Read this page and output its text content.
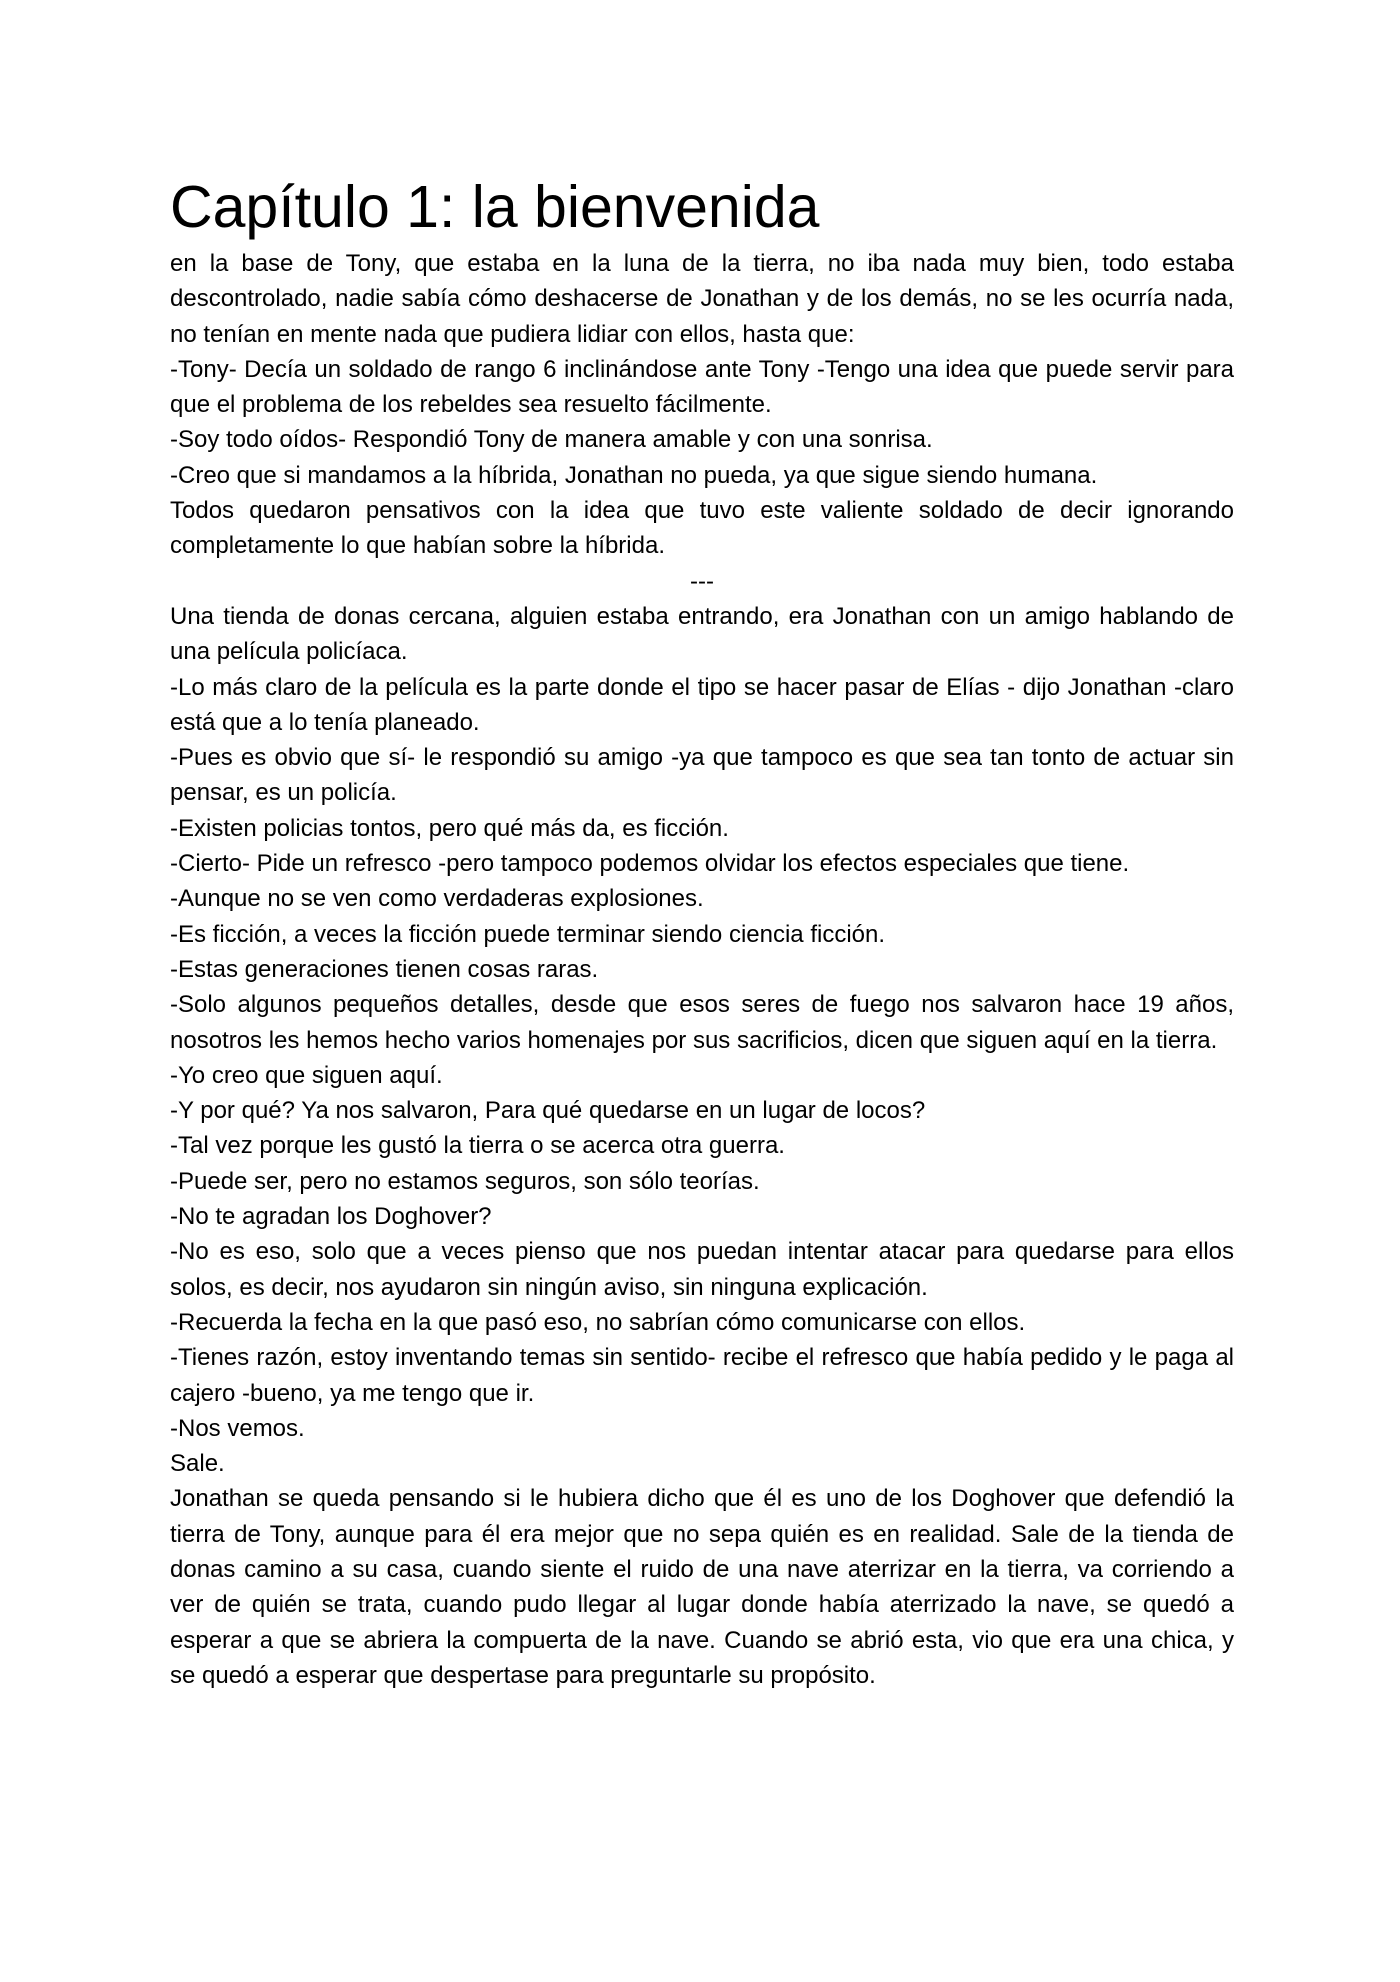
Capítulo 1: la bienvenida

en la base de Tony, que estaba en la luna de la tierra, no iba nada muy bien, todo estaba descontrolado, nadie sabía cómo deshacerse de Jonathan y de los demás, no se les ocurría nada, no tenían en mente nada que pudiera lidiar con ellos, hasta que:

-Tony- Decía un soldado de rango 6 inclinándose ante Tony -Tengo una idea que puede servir para que el problema de los rebeldes sea resuelto fácilmente.

-Soy todo oídos- Respondió Tony de manera amable y con una sonrisa.

-Creo que si mandamos a la híbrida, Jonathan no pueda, ya que sigue siendo humana.

Todos quedaron pensativos con la idea que tuvo este valiente soldado de decir ignorando completamente lo que habían sobre la híbrida.

---

Una tienda de donas cercana, alguien estaba entrando, era Jonathan con un amigo hablando de una película policíaca.

-Lo más claro de la película es la parte donde el tipo se hacer pasar de Elías - dijo Jonathan -claro está que a lo tenía planeado.

-Pues es obvio que sí- le respondió su amigo -ya que tampoco es que sea tan tonto de actuar sin pensar, es un policía.

-Existen policias tontos, pero qué más da, es ficción.

-Cierto- Pide un refresco -pero tampoco podemos olvidar los efectos especiales que tiene.

-Aunque no se ven como verdaderas explosiones.

-Es ficción, a veces la ficción puede terminar siendo ciencia ficción.

-Estas generaciones tienen cosas raras.

-Solo algunos pequeños detalles, desde que esos seres de fuego nos salvaron hace 19 años, nosotros les hemos hecho varios homenajes por sus sacrificios, dicen que siguen aquí en la tierra.

-Yo creo que siguen aquí.

-Y por qué? Ya nos salvaron, Para qué quedarse en un lugar de locos?

-Tal vez porque les gustó la tierra o se acerca otra guerra.

-Puede ser, pero no estamos seguros, son sólo teorías.

-No te agradan los Doghover?

-No es eso, solo que a veces pienso que nos puedan intentar atacar para quedarse para ellos solos, es decir, nos ayudaron sin ningún aviso, sin ninguna explicación.

-Recuerda la fecha en la que pasó eso, no sabrían cómo comunicarse con ellos.

-Tienes razón, estoy inventando temas sin sentido- recibe el refresco que había pedido y le paga al cajero -bueno, ya me tengo que ir.

-Nos vemos.

Sale.

Jonathan se queda pensando si le hubiera dicho que él es uno de los Doghover que defendió la tierra de Tony, aunque para él era mejor que no sepa quién es en realidad. Sale de la tienda de donas camino a su casa, cuando siente el ruido de una nave aterrizar en la tierra, va corriendo a ver de quién se trata, cuando pudo llegar al lugar donde había aterrizado la nave, se quedó a esperar a que se abriera la compuerta de la nave. Cuando se abrió esta, vio que era una chica, y se quedó a esperar que despertase para preguntarle su propósito.
